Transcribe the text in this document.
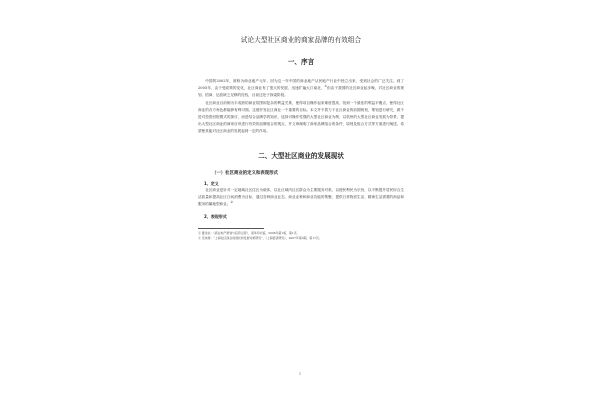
试论大型社区商业的商家品牌的有效组合
一、序言

中国的2002年，被称为商业地产元年，因为这一年中国的商业地产从民地产行业中独立出来，受到社会的广泛关注。到了2005年，由于受政策的变化，社区商业有了很大的发展，迅速扩遍大江南北，①但由于我国的社区商业起步晚，对社区商业的规划、招商、运营缺乏足够的经验，目前还处于探索阶段。

社区商业目前倒为丰成熟的商业氛围和复杂的利益关系，使得项目操作起来难度很高，找到一个最佳的利益平衡点，使得社区商业的各方角色都能够有利可图。这便开发社区商业一个重要的目标。本文并不着力于社区商业的前期规划，策划进行研究，做不进对投资回报模式的探讨，而是结合品牌学的知识，选择可操作性强的大型社区商业为例，以杭州的大型社区商业发展为背景，提出大型社区商业的商家应该进行有效的品牌组合的观点，并文章阐明了商家品牌组合的条件，原则及组合方式等方面进行阐述，希望使其能对社区商业的发展起到一定的作用。

二、大型社区商业的发展现状
（一）社区商业的定义和表现形式
1、定义

社区商业是针对一定地域社区住区为载体，以社区域内社区群众为主要服务对象，以便民利民为宗旨，以不断提升居民综合生活质量和提高社区日间消费为目标，通过各种商业业态、商业业种和商业功能的集聚，提供日常物质生活、精神生活需要的商品和服务的属地型商业。②

2、表现形式

① 董金社：《商业地产策划与投资运营》，商务印书馆，2006年第1版，第1页。

② 范纯策：“上海社区商业的现状和发展对策研究”，《上海经济研究》，2007年第3期，第17页。

1
